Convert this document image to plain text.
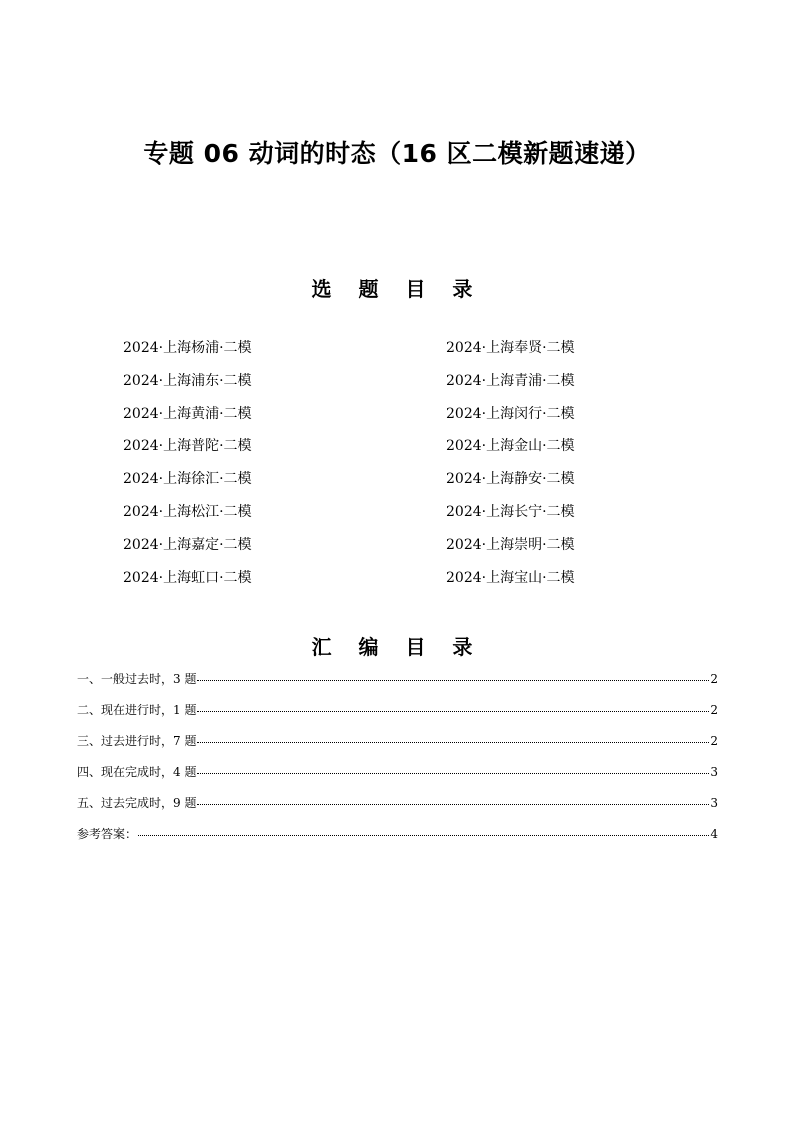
专题 06 动词的时态（16 区二模新题速递）
选 题 目 录
2024·上海杨浦·二模
2024·上海浦东·二模
2024·上海黄浦·二模
2024·上海普陀·二模
2024·上海徐汇·二模
2024·上海松江·二模
2024·上海嘉定·二模
2024·上海虹口·二模
2024·上海奉贤·二模
2024·上海青浦·二模
2024·上海闵行·二模
2024·上海金山·二模
2024·上海静安·二模
2024·上海长宁·二模
2024·上海崇明·二模
2024·上海宝山·二模
汇 编 目 录
一、一般过去时，3 题	2
二、现在进行时，1 题	2
三、过去进行时，7 题	2
四、现在完成时，4 题	3
五、过去完成时，9 题	3
参考答案：	4
